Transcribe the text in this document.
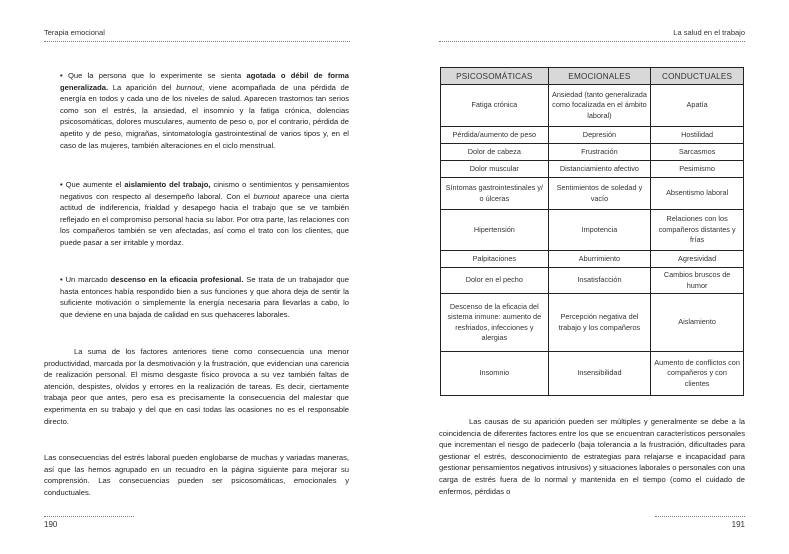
Terapia emocional
190

• Que la persona que lo experimente se sienta agotada o débil de forma generalizada. La aparición del burnout, viene acompañada de una pérdida de energía en todos y cada uno de los niveles de salud. Aparecen trastornos tan serios como son el estrés, la ansiedad, el insomnio y la fatiga crónica, dolencias psicosomáticas, dolores musculares, aumento de peso o, por el contrario, pérdida de apetito y de peso, migrañas, sintomatología gastrointestinal de varios tipos y, en el caso de las mujeres, también alteraciones en el ciclo menstrual.

• Que aumente el aislamiento del trabajo, cinismo o sentimientos y pensamientos negativos con respecto al desempeño laboral. Con el burnout aparece una cierta actitud de indiferencia, frialdad y desapego hacia el trabajo que se ve también reflejado en el compromiso personal hacia su labor. Por otra parte, las relaciones con los compañeros también se ven afectadas, así como el trato con los clientes, que puede pasar a ser irritable y mordaz.

• Un marcado descenso en la eficacia profesional. Se trata de un trabajador que hasta entonces había respondido bien a sus funciones y que ahora deja de sentir la suficiente motivación o simplemente la energía necesaria para llevarlas a cabo, lo que deviene en una bajada de calidad en sus quehaceres laborales.

La suma de los factores anteriores tiene como consecuencia una menor productividad, marcada por la desmotivación y la frustración, que evidencian una carencia de realización personal. El mismo desgaste físico provoca a su vez también faltas de atención, despistes, olvidos y errores en la realización de tareas. Es decir, ciertamente trabaja peor que antes, pero esa es precisamente la consecuencia del malestar que experimenta en su trabajo y del que en casi todas las ocasiones no es el responsable directo.

Las consecuencias del estrés laboral pueden englobarse de muchas y variadas maneras, así que las hemos agrupado en un recuadro en la página siguiente para mejorar su comprensión. Las consecuencias pueden ser psicosomáticas, emocionales y conductuales.

La salud en el trabajo
191
PSICOSOMÁTICAS	EMOCIONALES	CONDUCTUALES
Fatiga crónica	Ansiedad (tanto generalizada como focalizada en el ámbito laboral)	Apatía
Pérdida/aumento de peso	Depresión	Hostilidad
Dolor de cabeza	Frustración	Sarcasmos
Dolor muscular	Distanciamiento afectivo	Pesimismo
Síntomas gastrointestinales y/ o úlceras	Sentimientos de soledad y vacío	Absentismo laboral
Hipertensión	Impotencia	Relaciones con los compañeros distantes y frías
Palpitaciones	Aburrimiento	Agresividad
Dolor en el pecho	Insatisfacción	Cambios bruscos de humor
Descenso de la eficacia del sistema inmune: aumento de resfriados, infecciones y alergias	Percepción negativa del trabajo y los compañeros	Aislamiento
Insomnio	Insensibilidad	Aumento de conflictos con compañeros y con clientes

Las causas de su aparición pueden ser múltiples y generalmente se debe a la coincidencia de diferentes factores entre los que se encuentran característicos personales que incrementan el riesgo de padecerlo (baja tolerancia a la frustración, dificultades para gestionar el estrés, desconocimiento de estrategias para relajarse e incapacidad para gestionar pensamientos negativos intrusivos) y situaciones laborales o personales con una carga de estrés fuera de lo normal y mantenida en el tiempo (como el cuidado de enfermos, pérdidas o
